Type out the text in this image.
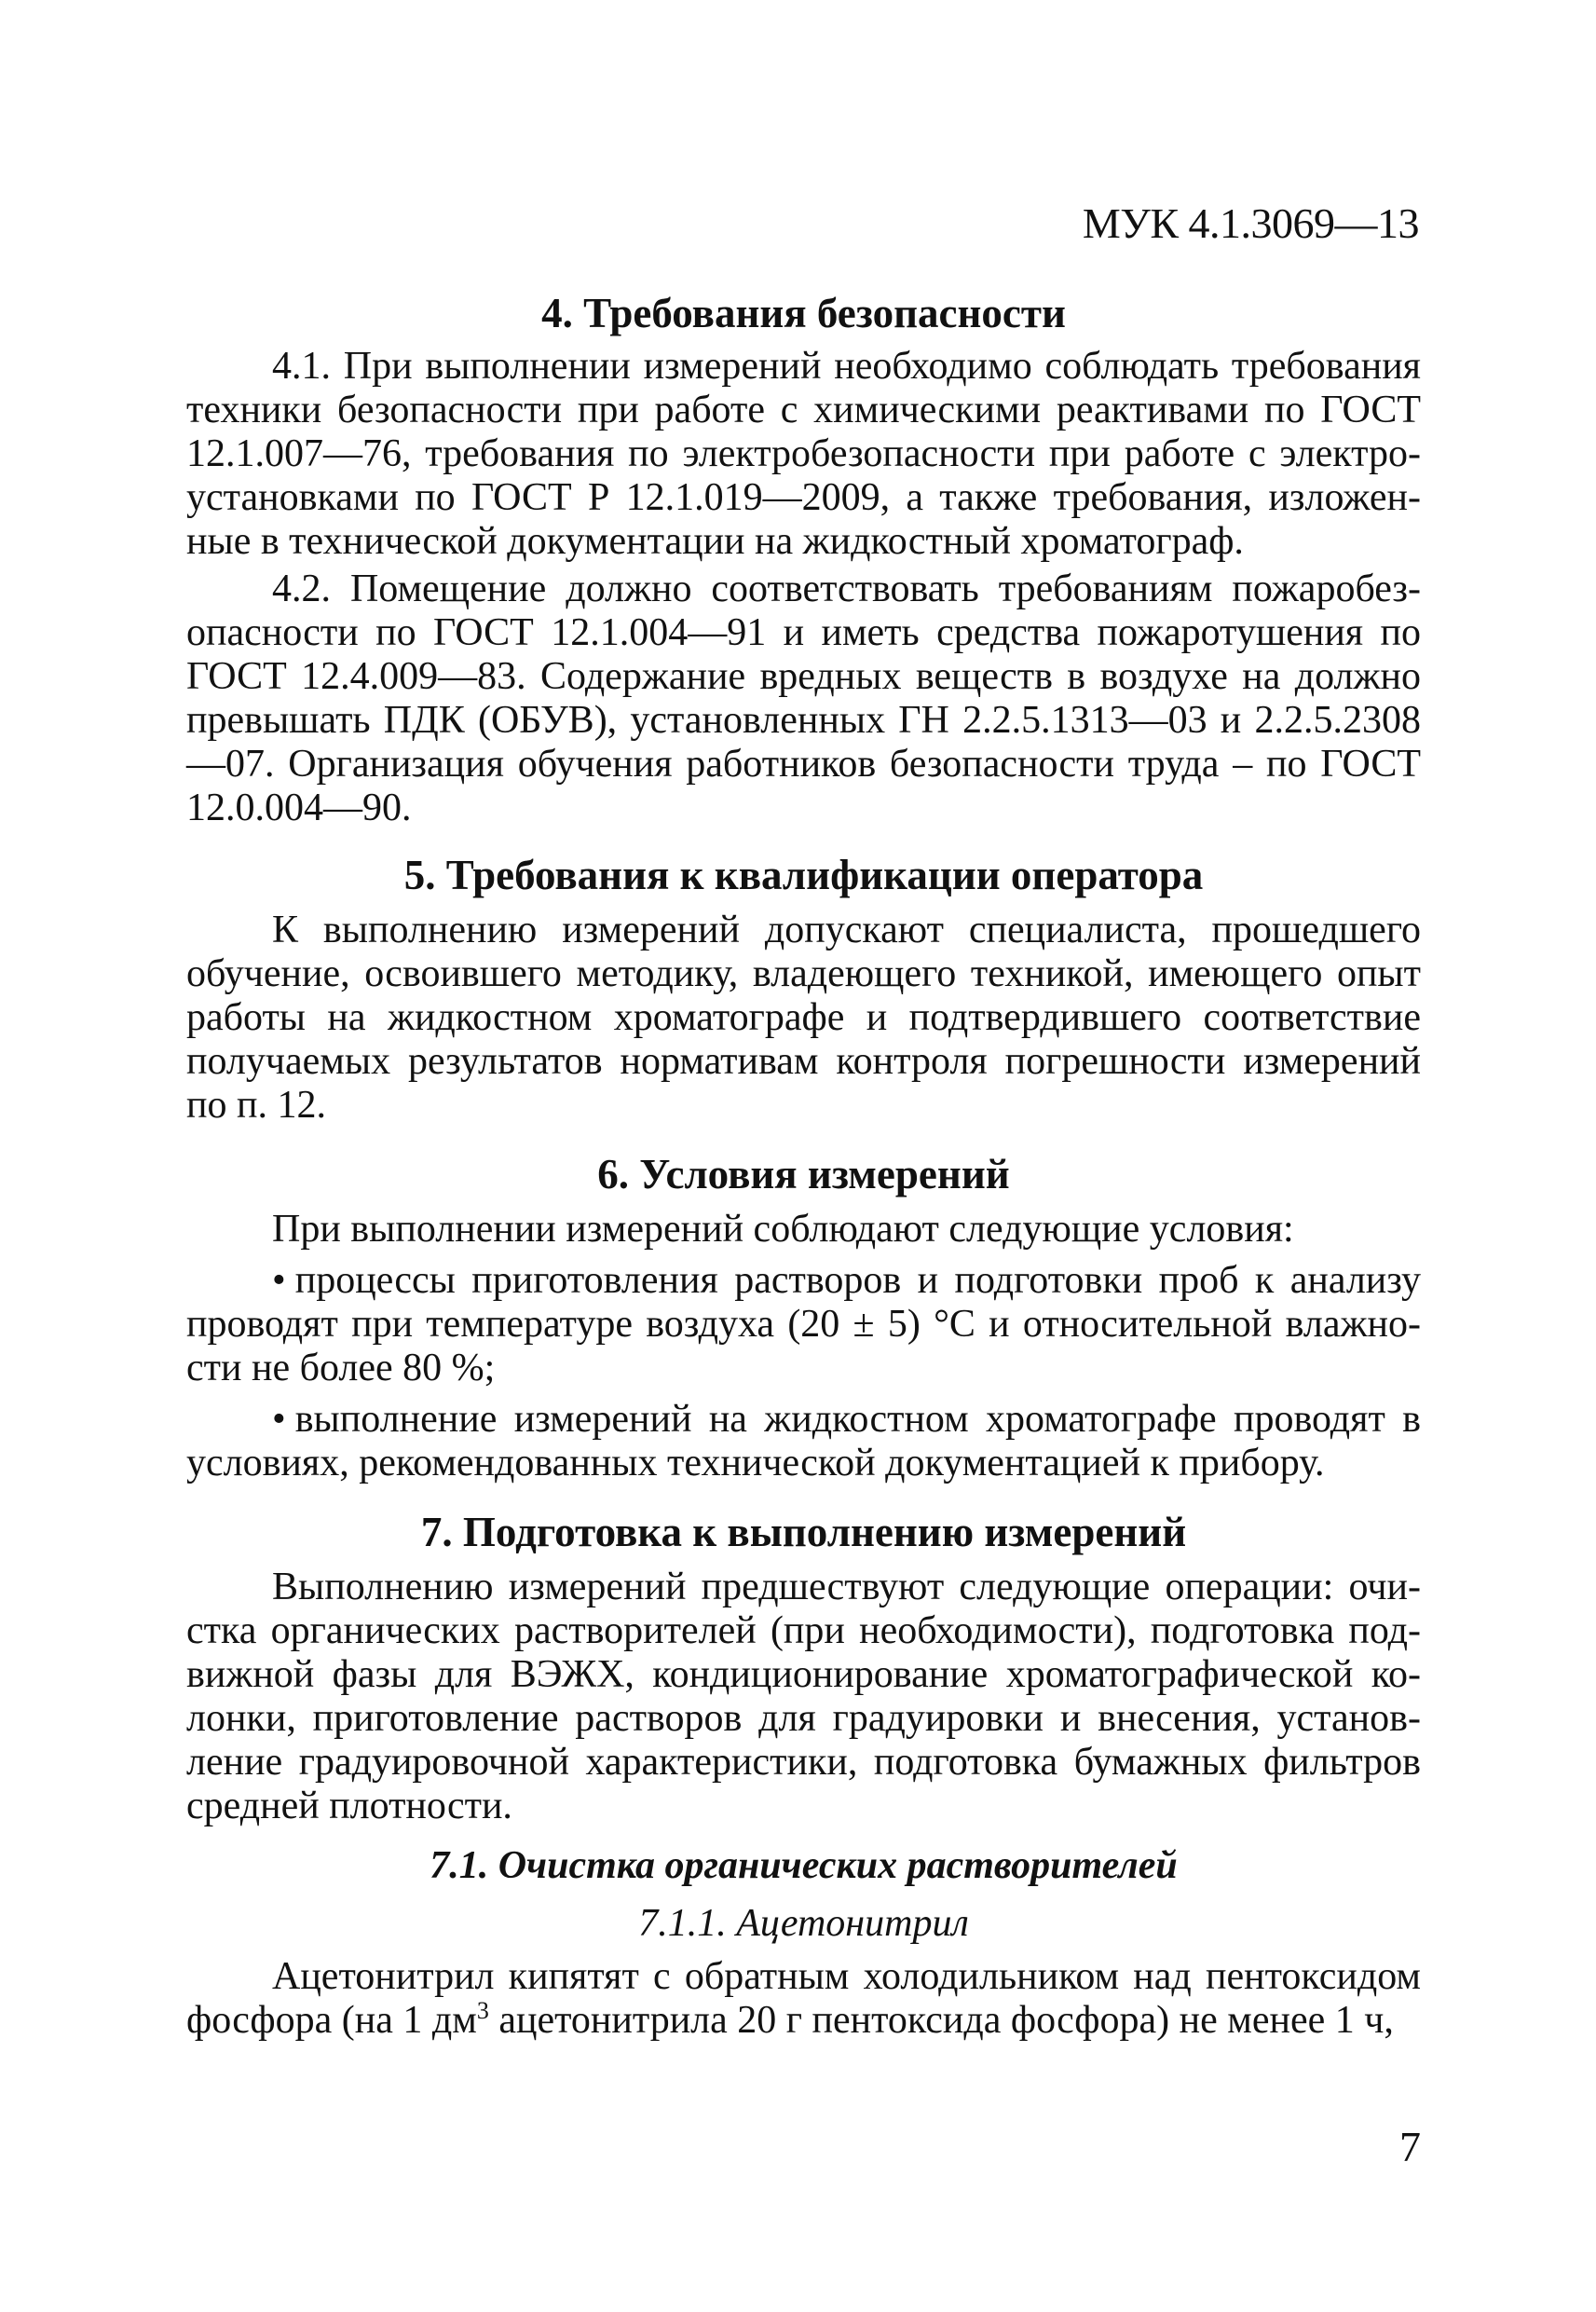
МУК 4.1.3069—13
4. Требования безопасности

4.1. При выполнении измерений необходимо соблюдать требования техники безопасности при работе с химическими реактивами по ГОСТ 12.1.007—76, требования по электробезопасности при работе с электроустановками по ГОСТ Р 12.1.019—2009, а также требования, изложенные в технической документации на жидкостный хроматограф.

4.2. Помещение должно соответствовать требованиям пожаробезопасности по ГОСТ 12.1.004—91 и иметь средства пожаротушения по ГОСТ 12.4.009—83. Содержание вредных веществ в воздухе на должно превышать ПДК (ОБУВ), установленных ГН 2.2.5.1313—03 и 2.2.5.2308—07. Организация обучения работников безопасности труда – по ГОСТ 12.0.004—90.

5. Требования к квалификации оператора

К выполнению измерений допускают специалиста, прошедшего обучение, освоившего методику, владеющего техникой, имеющего опыт работы на жидкостном хроматографе и подтвердившего соответствие получаемых результатов нормативам контроля погрешности измерений по п. 12.

6. Условия измерений

При выполнении измерений соблюдают следующие условия:

• процессы приготовления растворов и подготовки проб к анализу проводят при температуре воздуха (20 ± 5) °С и относительной влажности не более 80 %;

• выполнение измерений на жидкостном хроматографе проводят в условиях, рекомендованных технической документацией к прибору.

7. Подготовка к выполнению измерений

Выполнению измерений предшествуют следующие операции: очистка органических растворителей (при необходимости), подготовка подвижной фазы для ВЭЖХ, кондиционирование хроматографической колонки, приготовление растворов для градуировки и внесения, установление градуировочной характеристики, подготовка бумажных фильтров средней плотности.

7.1. Очистка органических растворителей
7.1.1. Ацетонитрил

Ацетонитрил кипятят с обратным холодильником над пентоксидом фосфора (на 1 $дм^3$ ацетонитрила 20 г пентоксида фосфора) не менее 1 ч,

7
